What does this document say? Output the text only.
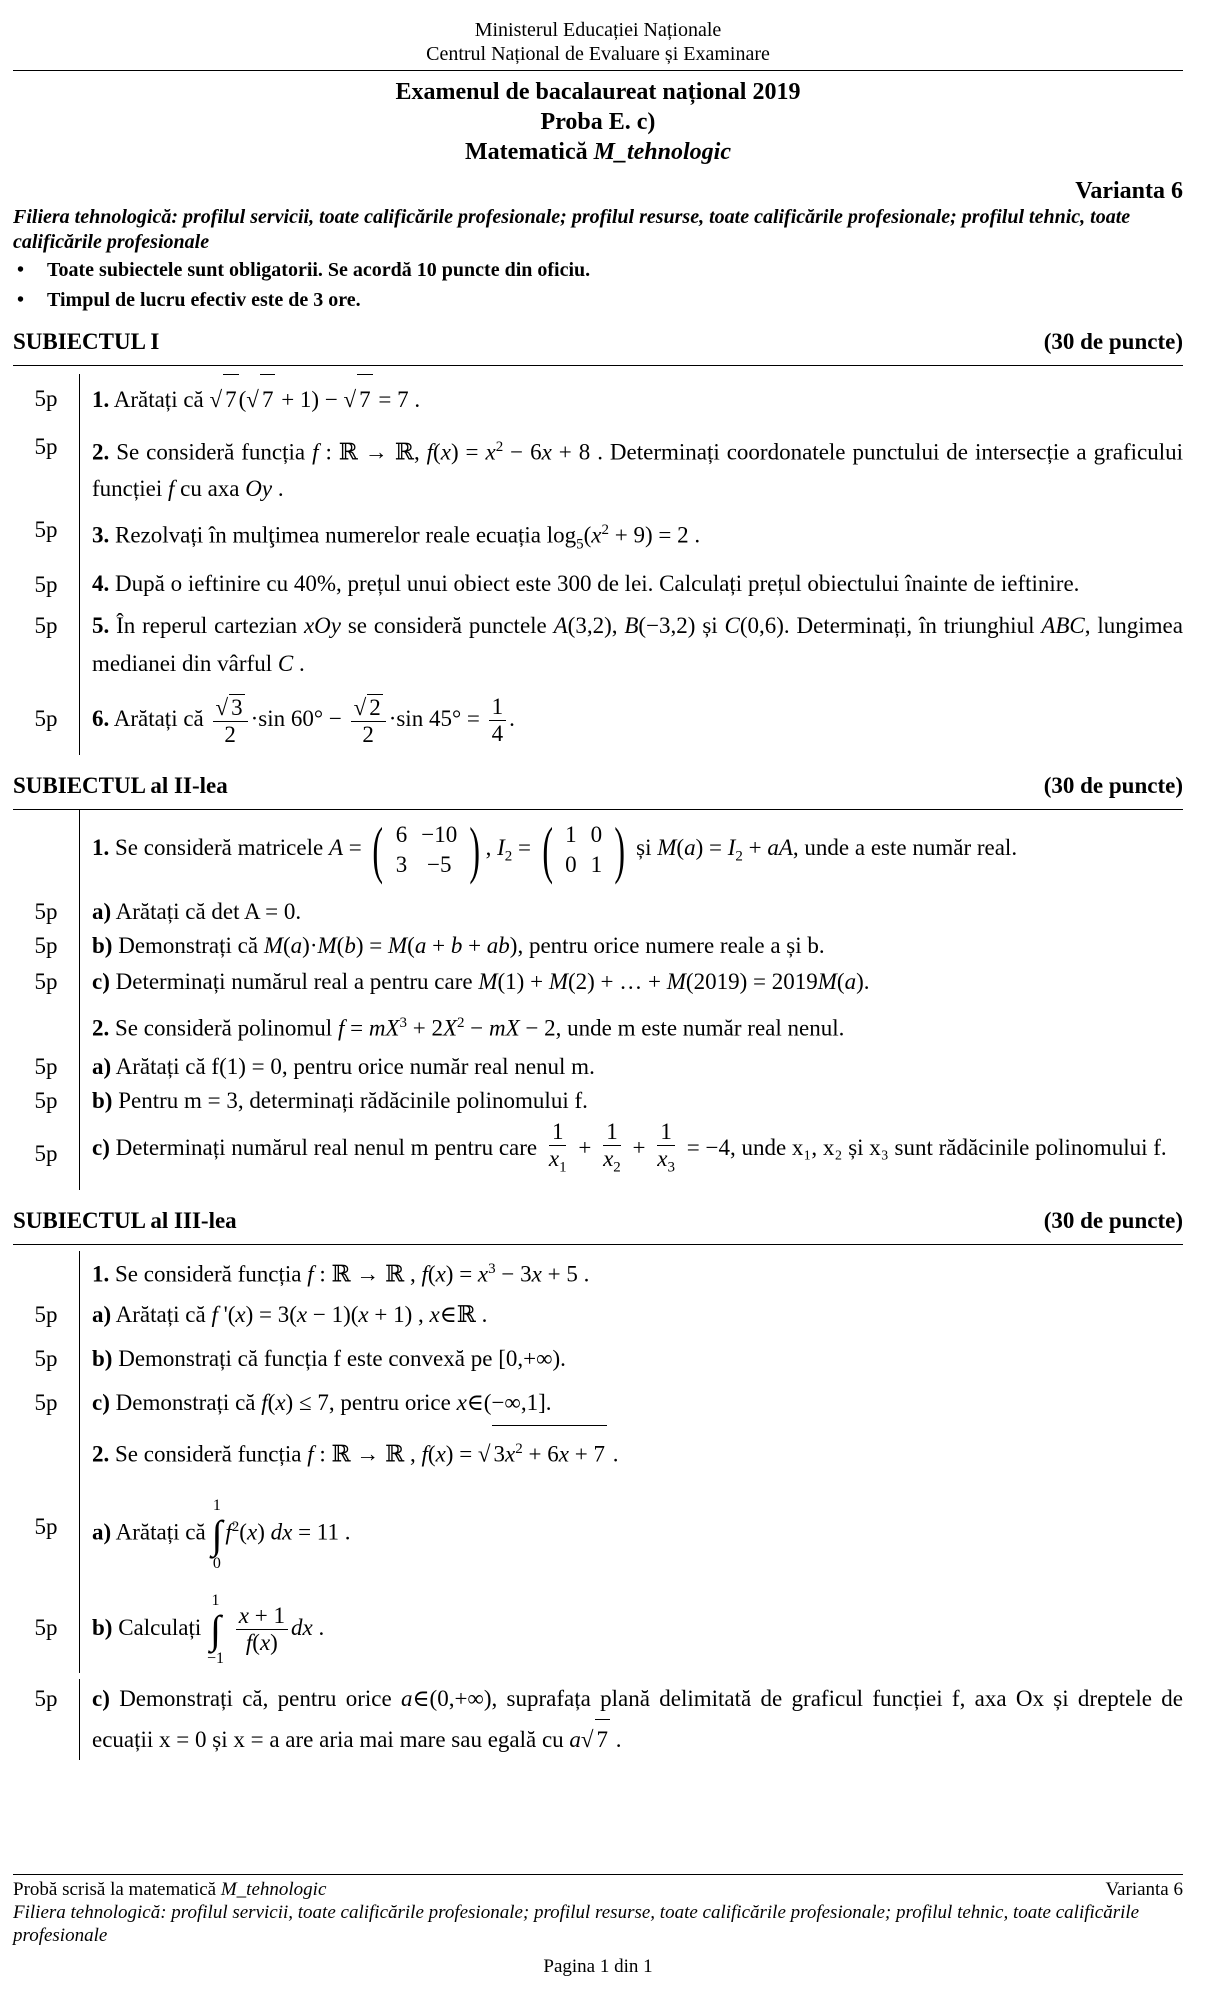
Ministerul Educației Naționale
Centrul Național de Evaluare și Examinare
Examenul de bacalaureat național 2019
Proba E. c)
Matematică M_tehnologic
Varianta 6
Filiera tehnologică: profilul servicii, toate calificările profesionale; profilul resurse, toate calificările profesionale; profilul tehnic, toate calificările profesionale
• Toate subiectele sunt obligatorii. Se acordă 10 puncte din oficiu.
• Timpul de lucru efectiv este de 3 ore.
SUBIECTUL I	(30 de puncte)
5p	1. Arătați că √ 7(√ 7 + 1) − √ 7 = 7 .
5p	2. Se consideră funcția f : ℝ → ℝ, $f(x) = x^2 - 6x + 8$ . Determinați coordonatele punctului de intersecție a graficului funcției f cu axa Oy .
5p	3. Rezolvați în mulţimea numerelor reale ecuația $\log_5(x^2 + 9) = 2$ .
5p	4. După o ieftinire cu 40%, prețul unui obiect este 300 de lei. Calculați prețul obiectului înainte de ieftinire.
5p	5. În reperul cartezian xOy se consideră punctele A(3,2), B(−3,2) și C(0,6). Determinați, în triunghiul ABC, lungimea medianei din vârful C .
5p	6. Arătați că $\frac{√ 3}{2} \cdot\sin$ $60^\circ - \frac{√ 2}{2} \cdot\sin$ $45^\circ = \frac{1}{4}$ .
SUBIECTUL al II-lea	(30 de puncte)
1. Se consideră matricele A = ( 6	−10
3	−5 ) , $I_2$ = ( 1	0
0	1 ) și $M(a) = I_2$ + aA, unde a este număr real.
5p	a) Arătați că det A = 0.
5p	b) Demonstrați că M(a)·M(b) = M(a + b + ab), pentru orice numere reale a și b.
5p	c) Determinați numărul real a pentru care M(1) + M(2) + … + M(2019) = 2019M(a).
2. Se consideră polinomul $f = mX^3 + 2X^2$ − mX − 2, unde m este număr real nenul.
5p	a) Arătați că f(1) = 0, pentru orice număr real nenul m.
5p	b) Pentru m = 3, determinați rădăcinile polinomului f.
5p	c) Determinați numărul real nenul m pentru care $\frac{1}{x_1} + \frac{1}{x_2} + \frac{1}{x_3} = -4$, unde x₁, x₂ și x₃ sunt rădăcinile polinomului f.
SUBIECTUL al III-lea	(30 de puncte)
1. Se consideră funcția f : ℝ → ℝ , $f(x) = x^3 - 3x + 5$ .
5p	a) Arătați că f '(x) = 3(x − 1)(x + 1) , x∈ℝ .
5p	b) Demonstrați că funcția f este convexă pe [0,+∞).
5p	c) Demonstrați că f(x) ≤ 7, pentru orice x∈(−∞,1].
2. Se consideră funcția f : ℝ → ℝ , f(x) = √ $3x^2 + 6x + 7$ .
5p	a) Arătați că
1
∫
0
$f^2(x)$ dx = 11 .
5p	b) Calculați
1
∫
−1

$\frac{x + 1}{f(x)}$ dx .
5p	c) Demonstrați că, pentru orice a∈(0,+∞), suprafața plană delimitată de graficul funcției f, axa Ox și dreptele de ecuații x = 0 și x = a are aria mai mare sau egală cu a√ 7 .
Probă scrisă la matematică M_tehnologic	Varianta 6
Filiera tehnologică: profilul servicii, toate calificările profesionale; profilul resurse, toate calificările profesionale; profilul tehnic, toate calificările profesionale
Pagina 1 din 1
